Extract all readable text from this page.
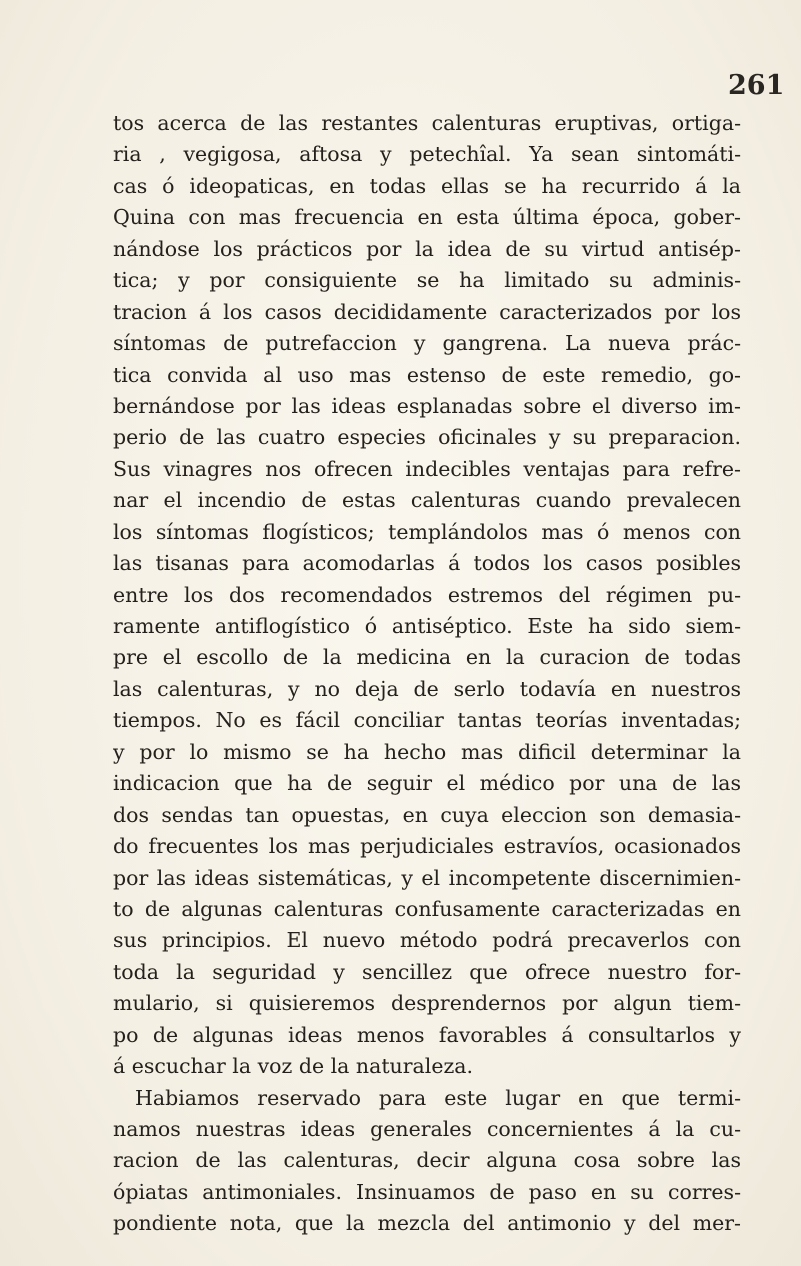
261
tos acerca de las restantes calenturas eruptivas, ortiga-
ria , vegigosa, aftosa y petechîal. Ya sean sintomáti-
cas ó ideopaticas, en todas ellas se ha recurrido á la
Quina con mas frecuencia en esta última época, gober-
nándose los prácticos por la idea de su virtud antisép-
tica; y por consiguiente se ha limitado su adminis-
tracion á los casos decididamente caracterizados por los
síntomas de putrefaccion y gangrena. La nueva prác-
tica convida al uso mas estenso de este remedio, go-
bernándose por las ideas esplanadas sobre el diverso im-
perio de las cuatro especies oficinales y su preparacion.
Sus vinagres nos ofrecen indecibles ventajas para refre-
nar el incendio de estas calenturas cuando prevalecen
los síntomas flogísticos; templándolos mas ó menos con
las tisanas para acomodarlas á todos los casos posibles
entre los dos recomendados estremos del régimen pu-
ramente antiflogístico ó antiséptico. Este ha sido siem-
pre el escollo de la medicina en la curacion de todas
las calenturas, y no deja de serlo todavía en nuestros
tiempos. No es fácil conciliar tantas teorías inventadas;
y por lo mismo se ha hecho mas dificil determinar la
indicacion que ha de seguir el médico por una de las
dos sendas tan opuestas, en cuya eleccion son demasia-
do frecuentes los mas perjudiciales estravíos, ocasionados
por las ideas sistemáticas, y el incompetente discernimien-
to de algunas calenturas confusamente caracterizadas en
sus principios. El nuevo método podrá precaverlos con
toda la seguridad y sencillez que ofrece nuestro for-
mulario, si quisieremos desprendernos por algun tiem-
po de algunas ideas menos favorables á consultarlos y
á escuchar la voz de la naturaleza.
Habiamos reservado para este lugar en que termi-
namos nuestras ideas generales concernientes á la cu-
racion de las calenturas, decir alguna cosa sobre las
ópiatas antimoniales. Insinuamos de paso en su corres-
pondiente nota, que la mezcla del antimonio y del mer-
